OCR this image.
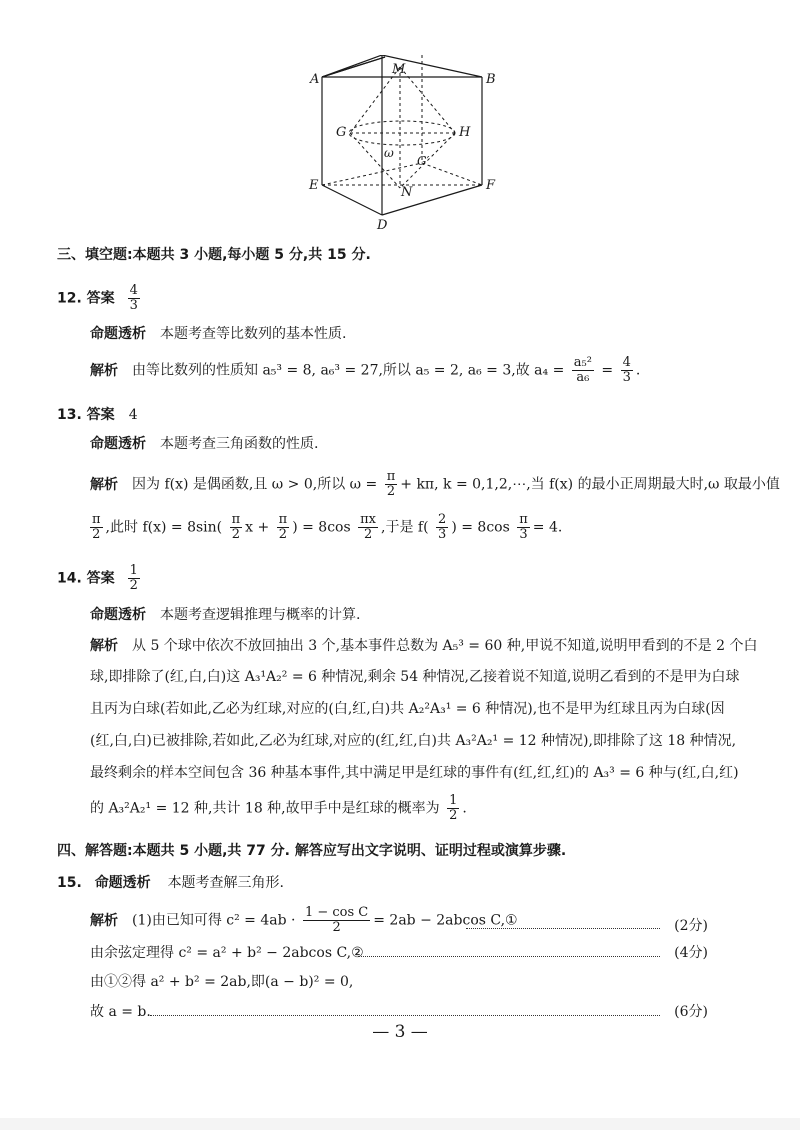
A	B
M
G	H
ω
G′
E	F
N
D
三、填空题:本题共 3 小题,每小题 5 分,共 15 分.
12. 答案 $\frac{4}{3}$
命题透析 本题考查等比数列的基本性质.
解析 由等比数列的性质知 a₅³ = 8, a₆³ = 27,所以 a₅ = 2, a₆ = 3,故 $a_4 = \frac{\text{a₅²}}{\text{a₆}} = \frac{4}{3}$ .
13. 答案 4
命题透析 本题考查三角函数的性质.
解析 因为 f(x) 是偶函数,且 ω > 0,所以 $\omega = \frac{\pi}{2} + k\pi$, k = 0,1,2,⋯,当 f(x) 的最小正周期最大时,ω 取最小值
$\frac{\pi}{2}$ ,此时 $f(x) = 8\sin( \frac{\pi}{2}$ $x + \frac{\pi}{2}$ ) = $8\cos \frac{\pi x}{2}$ ,于是 $f( \frac{2}{3}$ ) = $8\cos \frac{\pi}{3} = 4$.
14. 答案 $\frac{1}{2}$
命题透析 本题考查逻辑推理与概率的计算.
解析 从 5 个球中依次不放回抽出 3 个,基本事件总数为 A₅³ = 60 种,甲说不知道,说明甲看到的不是 2 个白
球,即排除了(红,白,白)这 A₃¹A₂² = 6 种情况,剩余 54 种情况,乙接着说不知道,说明乙看到的不是甲为白球
且丙为白球(若如此,乙必为红球,对应的(白,红,白)共 A₂²A₃¹ = 6 种情况),也不是甲为红球且丙为白球(因
(红,白,白)已被排除,若如此,乙必为红球,对应的(红,红,白)共 A₃²A₂¹ = 12 种情况),即排除了这 18 种情况,
最终剩余的样本空间包含 36 种基本事件,其中满足甲是红球的事件有(红,红,红)的 A₃³ = 6 种与(红,白,红)
的 A₃²A₂¹ = 12 种,共计 18 种,故甲手中是红球的概率为 $\frac{1}{2}$ .
四、解答题:本题共 5 小题,共 77 分. 解答应写出文字说明、证明过程或演算步骤.
15. 命题透析 本题考查解三角形.
解析 (1)由已知可得 $c^2 = 4ab \cdot \frac{\text{1 − cos C}}{2} = 2ab - 2abcos$ C,①	(2分)
由余弦定理得 c² = a² + b² − 2abcos C,②	(4分)
由①②得 a² + b² = 2ab,即(a − b)² = 0,
故 a = b.	(6分)
— 3 —
